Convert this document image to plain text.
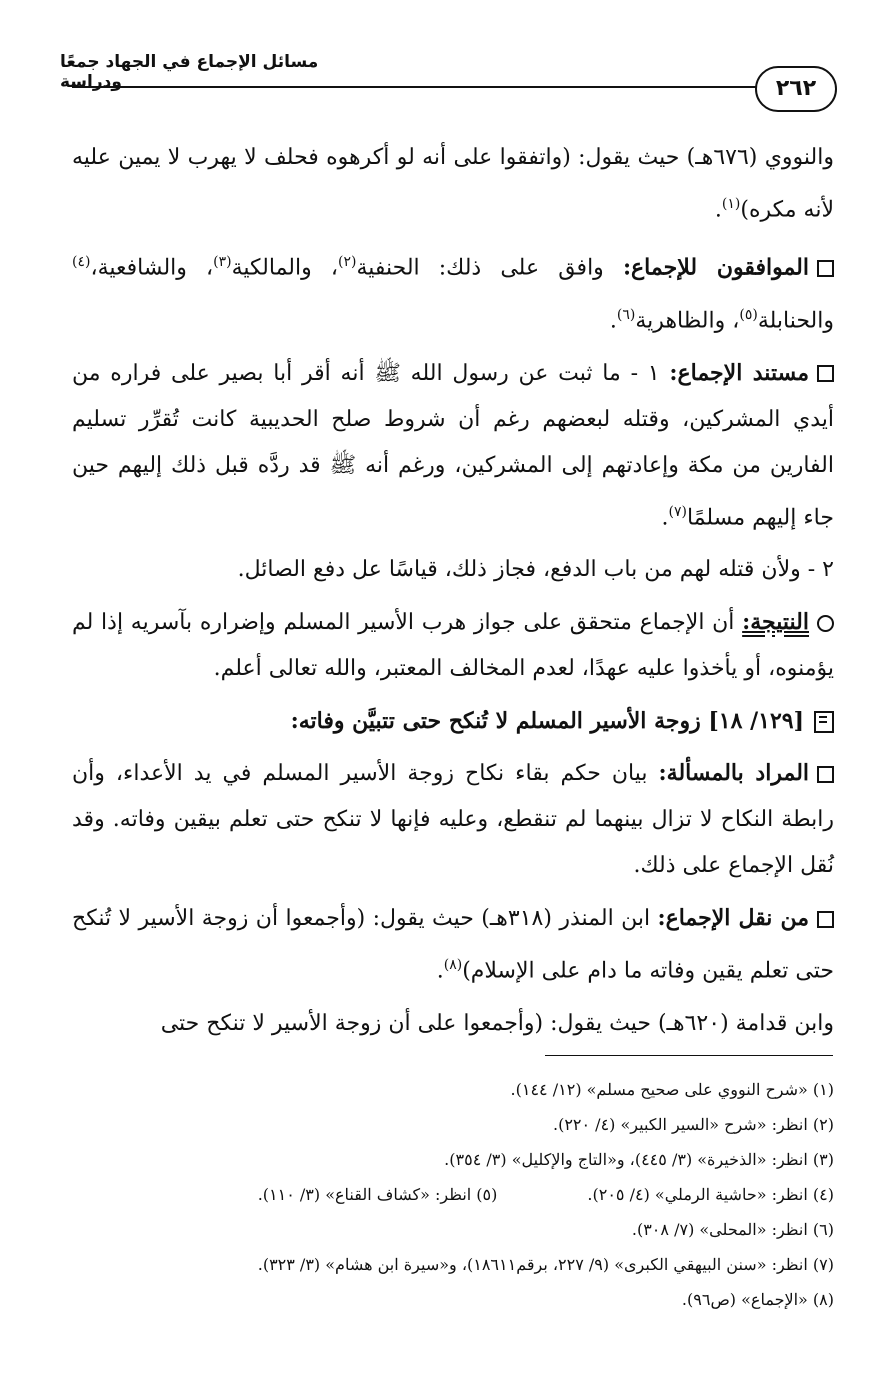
مسائل الإجماع في الجهاد جمعًا ودراسة	٢٦٢

والنووي (٦٧٦هـ) حيث يقول: (واتفقوا على أنه لو أكرهوه فحلف لا يهرب لا يمين عليه لأنه مكره)$^{(١)}$.

الموافقون للإجماع: وافق على ذلك: الحنفية$^{(٢)}$، والمالكية$^{(٣)}$، والشافعية،$^{(٤)}$ والحنابلة$^{(٥)}$، والظاهرية$^{(٦)}$.

مستند الإجماع: ١ - ما ثبت عن رسول الله ﷺ أنه أقر أبا بصير على فراره من أيدي المشركين، وقتله لبعضهم رغم أن شروط صلح الحديبية كانت تُقرِّر تسليم الفارين من مكة وإعادتهم إلى المشركين، ورغم أنه ﷺ قد ردَّه قبل ذلك إليهم حين جاء إليهم مسلمًا$^{(٧)}$.

٢ - ولأن قتله لهم من باب الدفع، فجاز ذلك، قياسًا عل دفع الصائل.

النتيجة: أن الإجماع متحقق على جواز هرب الأسير المسلم وإضراره بآسريه إذا لم يؤمنوه، أو يأخذوا عليه عهدًا، لعدم المخالف المعتبر، والله تعالى أعلم.

[١٢٩/ ١٨] زوجة الأسير المسلم لا تُنكح حتى تتبيَّن وفاته:

المراد بالمسألة: بيان حكم بقاء نكاح زوجة الأسير المسلم في يد الأعداء، وأن رابطة النكاح لا تزال بينهما لم تنقطع، وعليه فإنها لا تنكح حتى تعلم بيقين وفاته. وقد نُقل الإجماع على ذلك.

من نقل الإجماع: ابن المنذر (٣١٨هـ) حيث يقول: (وأجمعوا أن زوجة الأسير لا تُنكح حتى تعلم يقين وفاته ما دام على الإسلام)$^{(٨)}$.

وابن قدامة (٦٢٠هـ) حيث يقول: (وأجمعوا على أن زوجة الأسير لا تنكح حتى

(١) «شرح النووي على صحيح مسلم» (١٢/ ١٤٤).
(٢) انظر: «شرح «السير الكبير» (٤/ ٢٢٠).
(٣) انظر: «الذخيرة» (٣/ ٤٤٥)، و«التاج والإكليل» (٣/ ٣٥٤).
(٤) انظر: «حاشية الرملي» (٤/ ٢٠٥).
(٥) انظر: «كشاف القناع» (٣/ ١١٠).
(٦) انظر: «المحلى» (٧/ ٣٠٨).
(٧) انظر: «سنن البيهقي الكبرى» (٩/ ٢٢٧، برقم١٨٦١١)، و«سيرة ابن هشام» (٣/ ٣٢٣).
(٨) «الإجماع» (ص٩٦).
